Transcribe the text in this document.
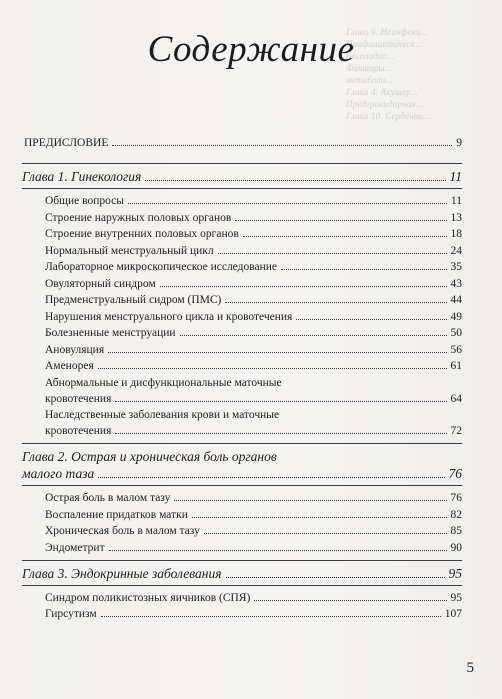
Глава 9. Неинфекц...
Профилактическ...
Бесплодие...
Факторы...
метаболи...
Глава 4. Акушер...
Предгравидарная...
Глава 10. Сердечно...
Содержание
ПРЕДИСЛОВИЕ	9
Глава 1. Гинекология	11
Общие вопросы	11
Строение наружных половых органов	13
Строение внутренних половых органов	18
Нормальный менструальный цикл	24
Лабораторное микроскопическое исследование	35
Овуляторный синдром	43
Предменструальный сидром (ПМС)	44
Нарушения менструального цикла и кровотечения	49
Болезненные менструации	50
Ановуляция	56
Аменорея	61
Абнормальные и дисфункциональные маточные
кровотечения	64
Наследственные заболевания крови и маточные
кровотечения	72
Глава 2. Острая и хроническая боль органов
малого таза	76
Острая боль в малом тазу	76
Воспаление придатков матки	82
Хроническая боль в малом тазу	85
Эндометрит	90
Глава 3. Эндокринные заболевания	95
Синдром поликистозных яичников (СПЯ)	95
Гирсутизм	107
5
